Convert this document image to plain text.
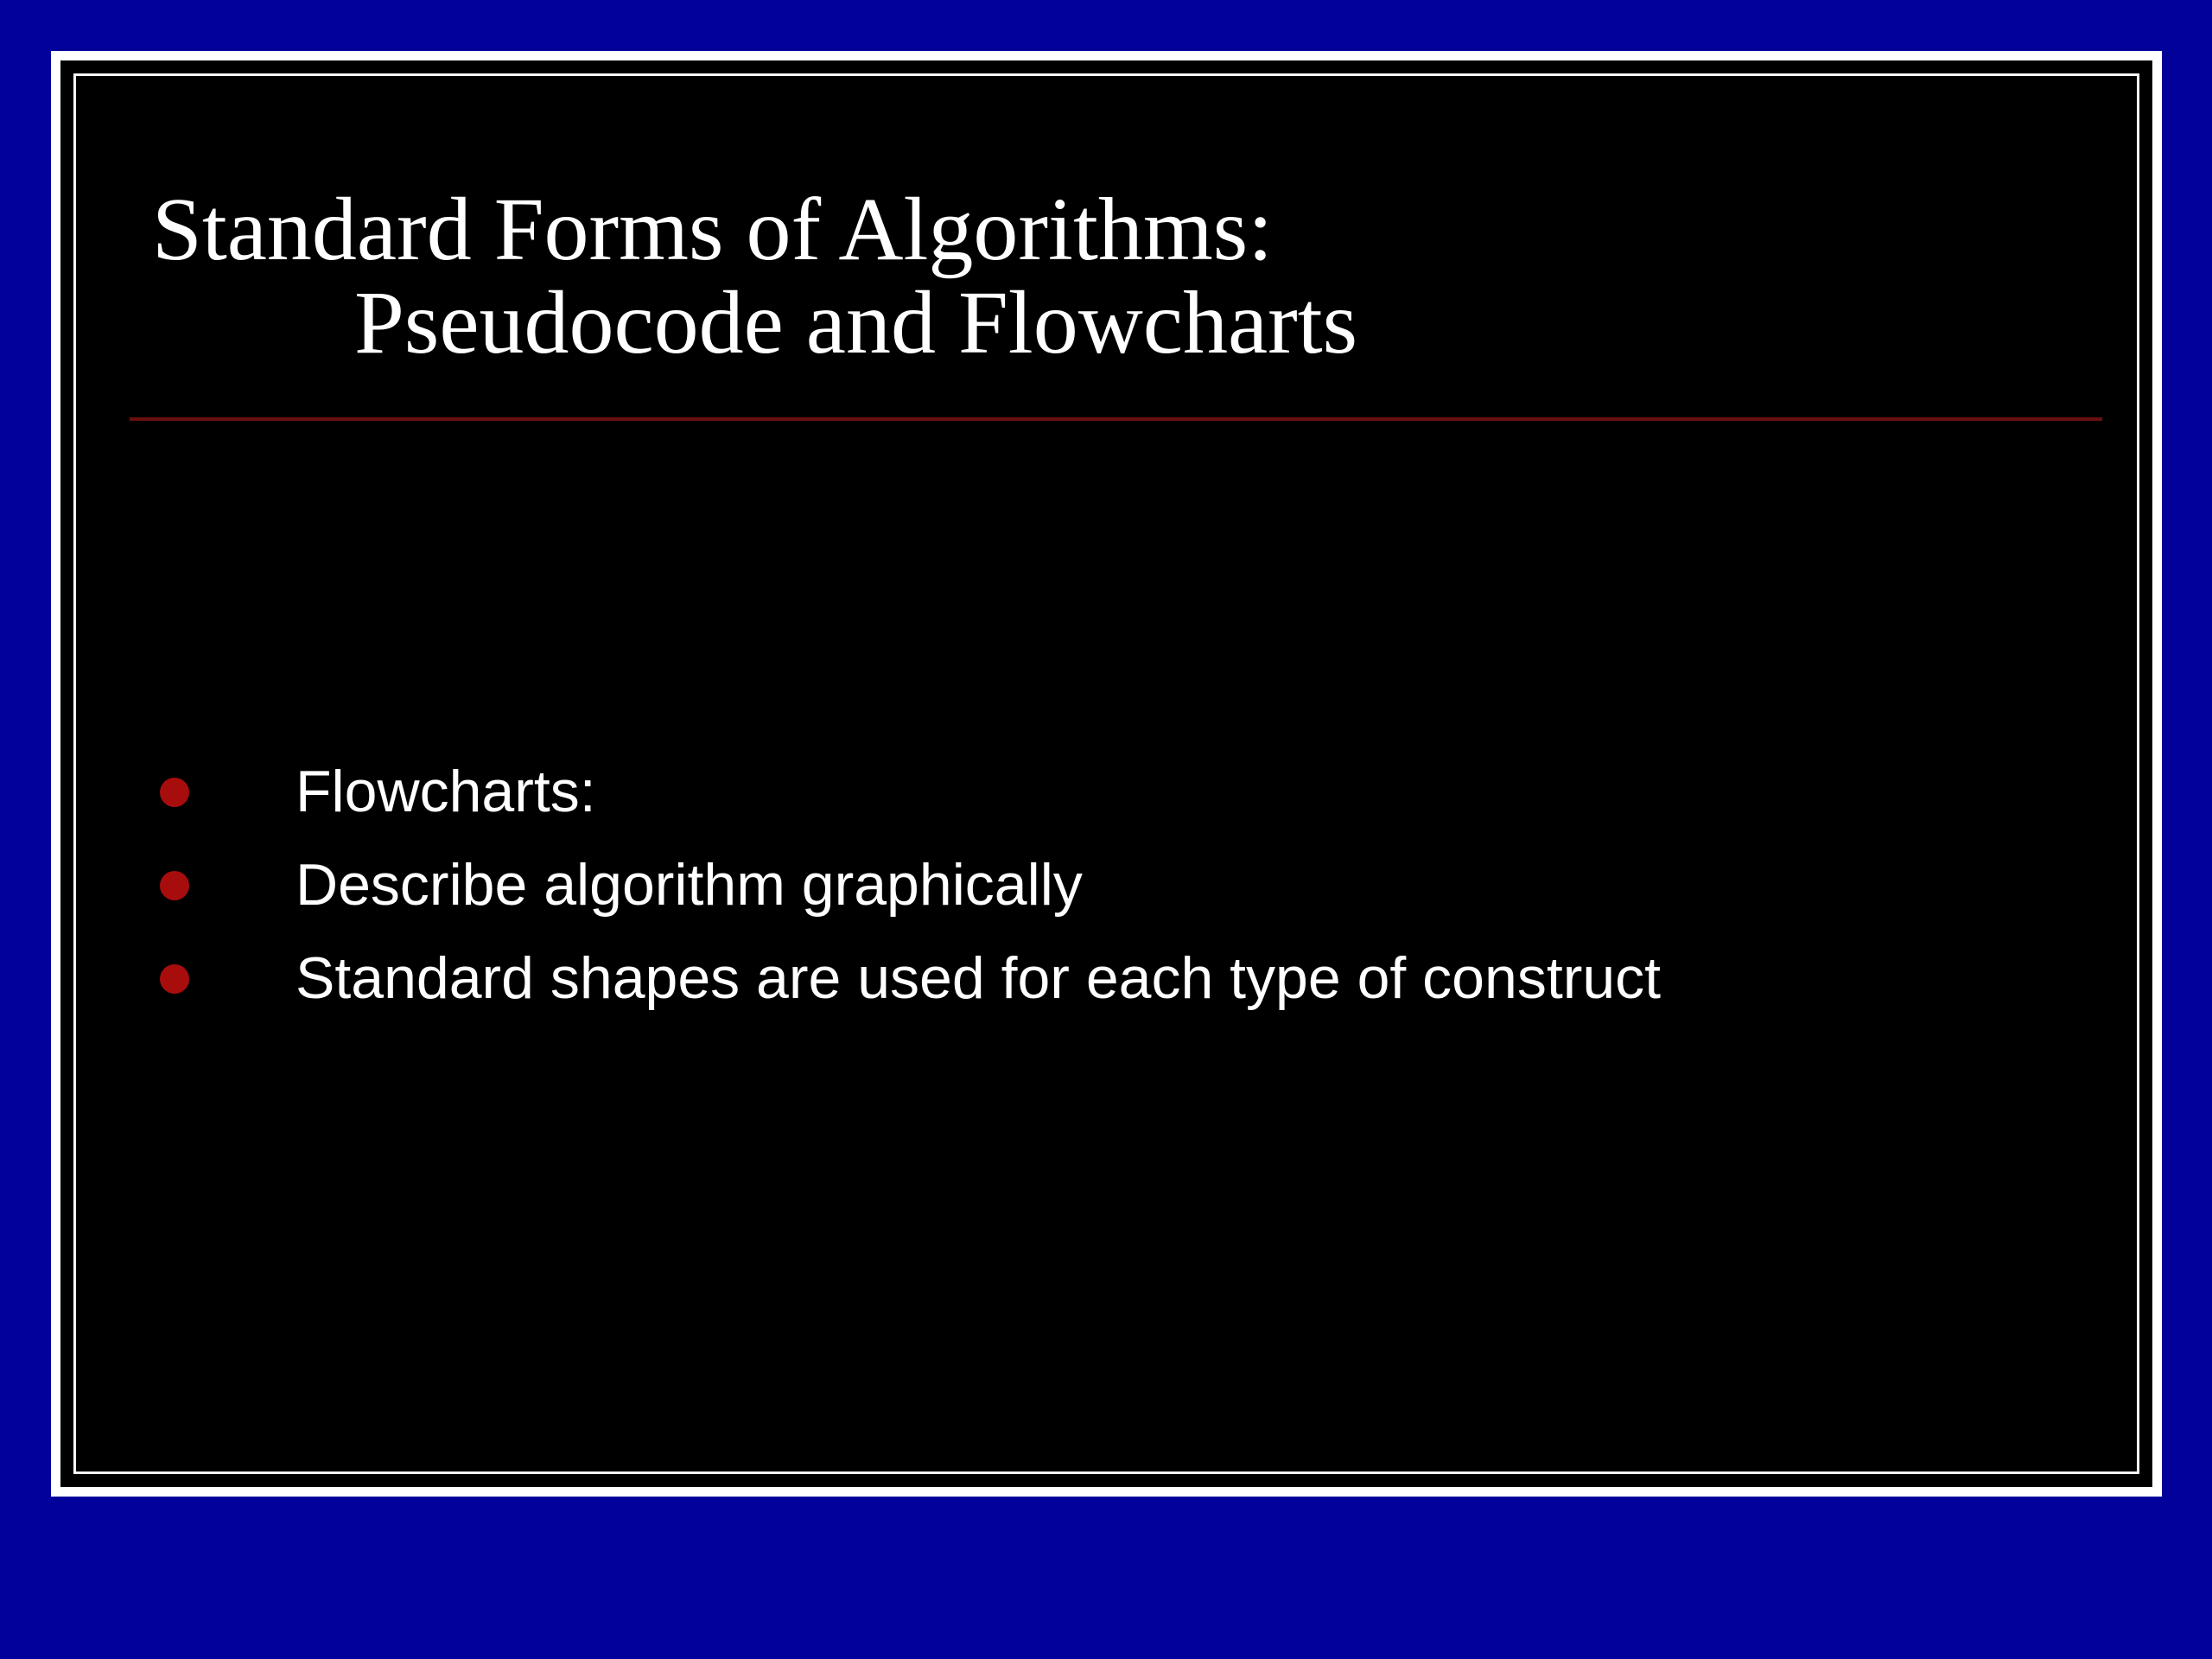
Standard Forms of Algorithms:
Pseudocode and Flowcharts
Flowcharts:
Describe algorithm graphically
Standard shapes are used for each type of construct
